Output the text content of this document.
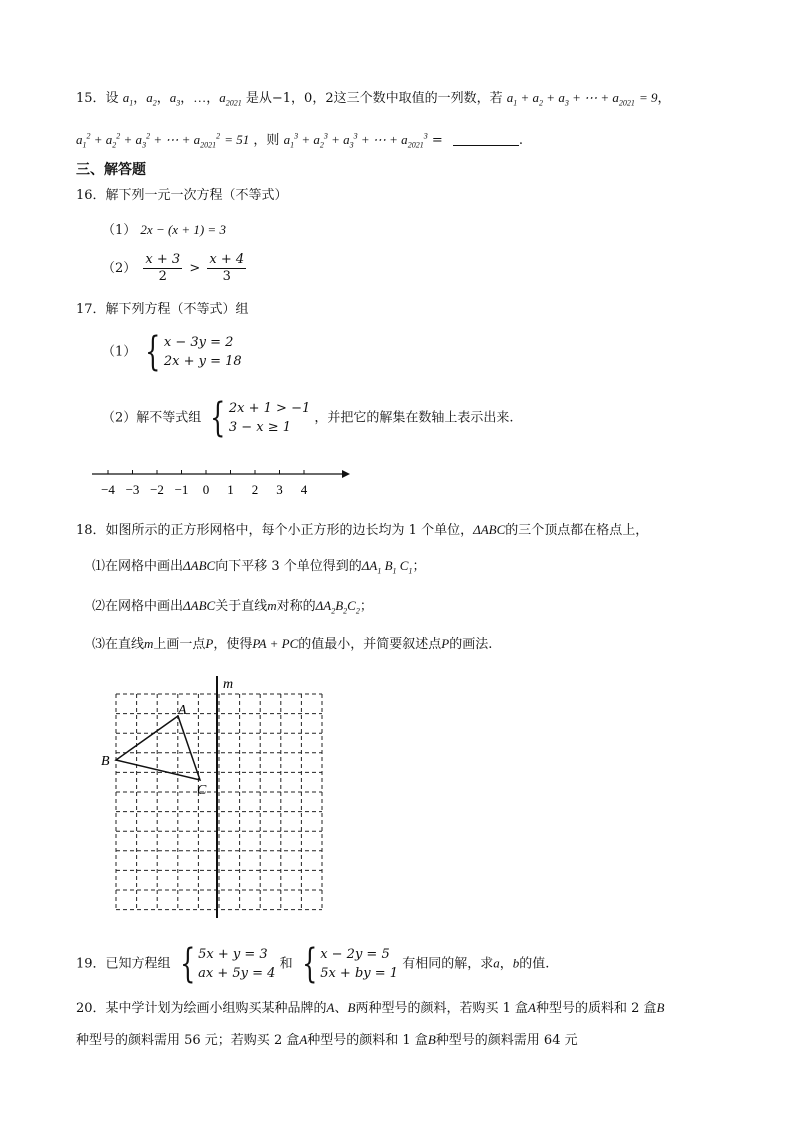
15．设 $a_1$，$a_2$，$a_3$，…，$a_{2021}$ 是从−1，0，2这三个数中取值的一列数，若 $a_1 + a_2 + a_3$ + ⋯ + $a_{2021} = 9$，
$a_1^2 + a_2^2 + a_3^2$ + ⋯ + $a_{2021}^2 = 51$ ，则 $a_1^3 + a_2^3 + a_3^3$ + ⋯ + $a_{2021}^3$ =	.
三、解答题
16．解下列一元一次方程（不等式）
（1） 2x − (x + 1) = 3
$(2) \frac{x + 3}{2} > \frac{x + 4}{3}$
17．解下列方程（不等式）组
（1） { x − 3y = 2
2x + y = 18
（2）解不等式组 { 2x + 1 > −1
3 − x ≥ 1
，并把它的解集在数轴上表示出来.
−4 −3 −2 −1 0 1 2 3 4
18．如图所示的正方形网格中，每个小正方形的边长均为 1 个单位，ΔABC的三个顶点都在格点上，
⑴在网格中画出ΔABC向下平移 3 个单位得到的$\Delta A_1$ $B_1$ $C_1$；
⑵在网格中画出ΔABC关于直线m对称的$\Delta A_2B_2C_2$；
⑶在直线m上画一点P，使得PA + PC的值最小，并简要叙述点P的画法.
m
A
B
C
19．已知方程组 { 5x + y = 3
ax + 5y = 4
和 { x − 2y = 5
5x + by = 1
有相同的解，求a，b的值.
20．某中学计划为绘画小组购买某种品牌的A、B两种型号的颜料，若购买 1 盒A种型号的质料和 2 盒B
种型号的颜料需用 56 元；若购买 2 盒A种型号的颜料和 1 盒B种型号的颜料需用 64 元
